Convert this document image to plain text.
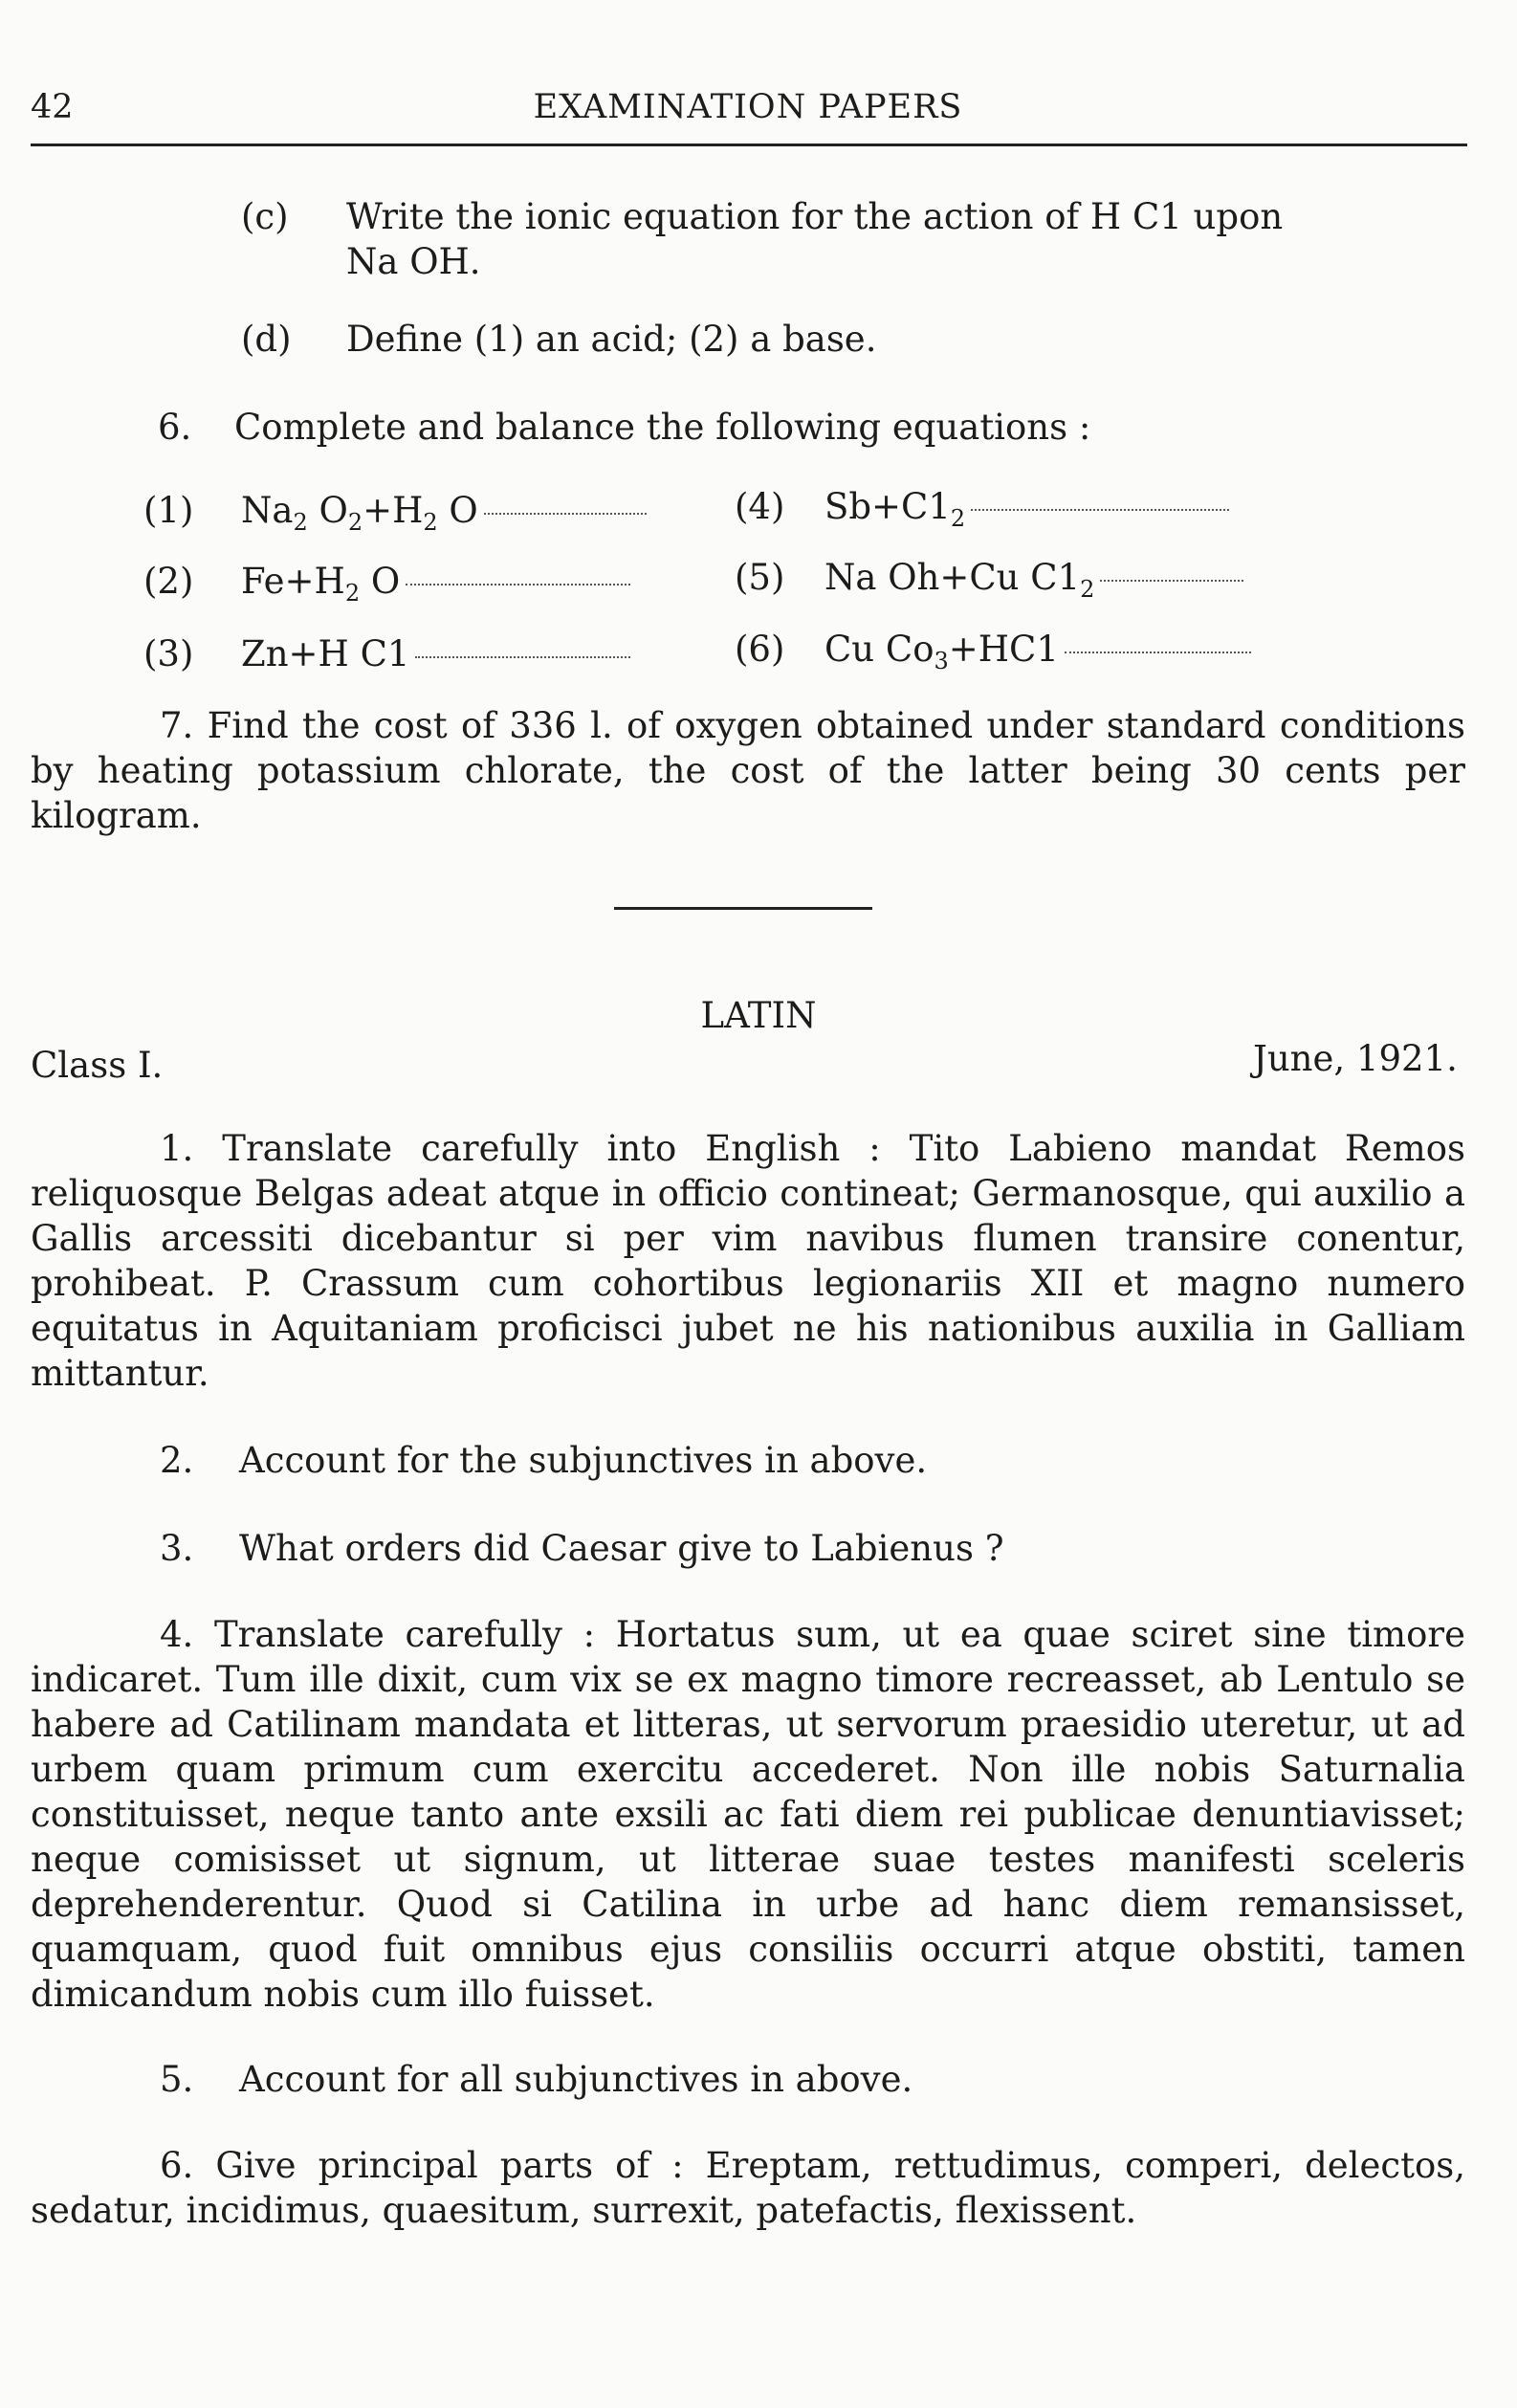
42	EXAMINATION PAPERS
(c) Write the ionic equation for the action of H C1 upon
Na OH.
(d) Define (1) an acid; (2) a base.
6. Complete and balance the following equations :
(1) $Na_2$ $O_2+H_2$ O
(2) $Fe+H_2$ O
(3) Zn+H C1
(4) $Sb+C1_2$
(5) Na Oh+Cu $C1_2$
(6) Cu $Co_3+HC1$
7. Find the cost of 336 l. of oxygen obtained under standard conditions by heating potassium chlorate, the cost of the latter being 30 cents per kilogram.
LATIN
Class I.	June, 1921.
1. Translate carefully into English : Tito Labieno mandat Remos reliquosque Belgas adeat atque in officio contineat; Germanosque, qui auxilio a Gallis arcessiti dicebantur si per vim navibus flumen transire conentur, prohibeat. P. Crassum cum cohortibus legionariis XII et magno numero equitatus in Aquitaniam proficisci jubet ne his nationibus auxilia in Galliam mittantur.
2. Account for the subjunctives in above.
3. What orders did Caesar give to Labienus ?
4. Translate carefully : Hortatus sum, ut ea quae sciret sine timore indicaret. Tum ille dixit, cum vix se ex magno timore recreasset, ab Lentulo se habere ad Catilinam mandata et litteras, ut servorum praesidio uteretur, ut ad urbem quam primum cum exercitu accederet. Non ille nobis Saturnalia constituisset, neque tanto ante exsili ac fati diem rei publicae denuntiavisset; neque comisisset ut signum, ut litterae suae testes manifesti sceleris deprehenderentur. Quod si Catilina in urbe ad hanc diem remansisset, quamquam, quod fuit omnibus ejus consiliis occurri atque obstiti, tamen dimicandum nobis cum illo fuisset.
5. Account for all subjunctives in above.
6. Give principal parts of : Ereptam, rettudimus, comperi, delectos, sedatur, incidimus, quaesitum, surrexit, patefactis, flexissent.
